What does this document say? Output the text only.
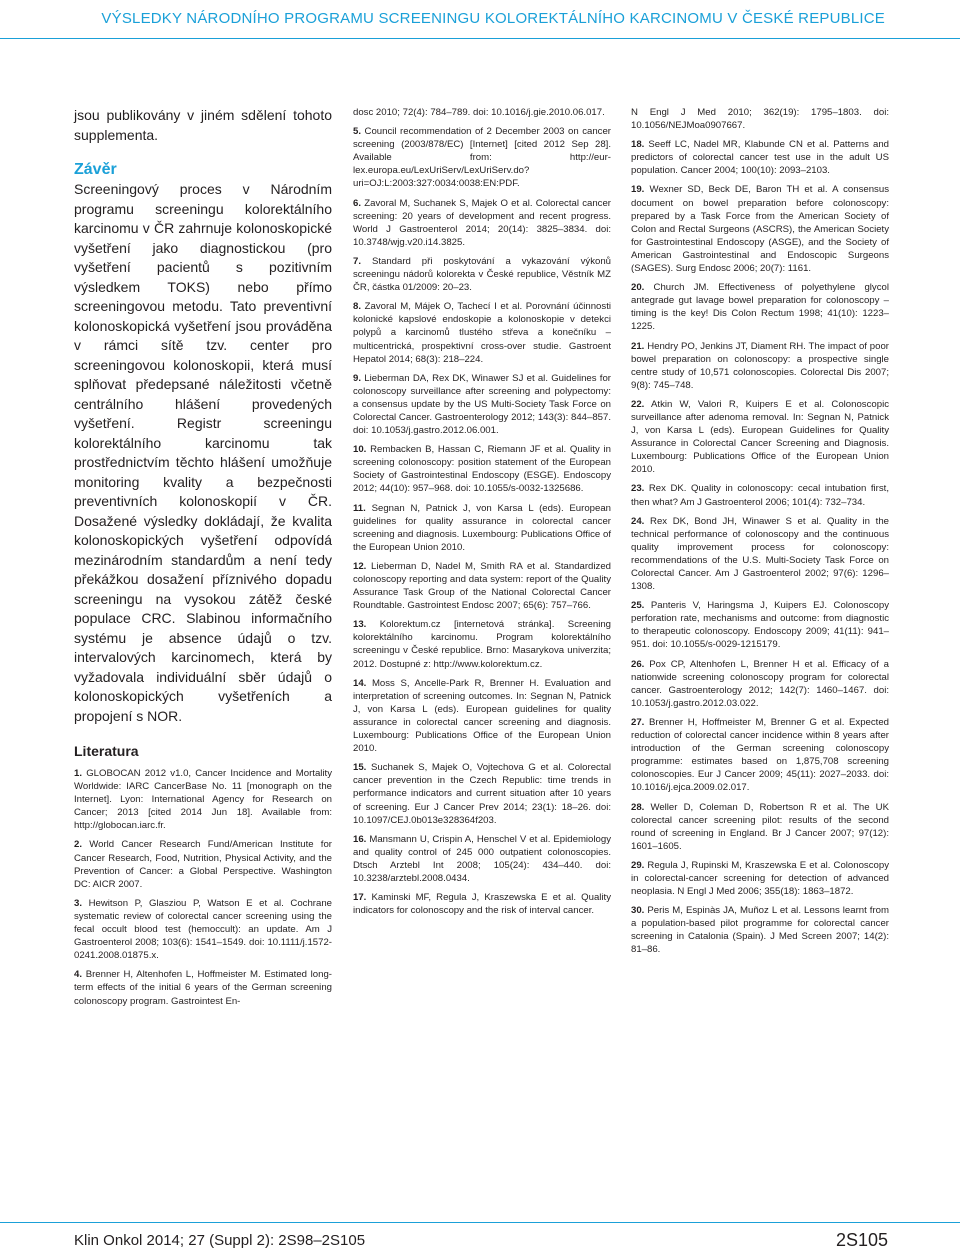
VÝSLEDKY NÁRODNÍHO PROGRAMU SCREENINGU KOLOREKTÁLNÍHO KARCINOMU V ČESKÉ REPUBLICE

jsou publikovány v jiném sdělení tohoto supplementa.

Závěr

Screeningový proces v Národním programu screeningu kolorektálního karcinomu v ČR zahrnuje kolonoskopické vyšetření jako diagnostickou (pro vyšetření pacientů s pozitivním výsledkem TOKS) nebo přímo screeningovou metodu. Tato preventivní kolonoskopická vyšetření jsou prováděna v rámci sítě tzv. center pro screeningovou kolonoskopii, která musí splňovat předepsané náležitosti včetně centrálního hlášení provedených vyšetření. Registr screeningu kolorektálního karcinomu tak prostřednictvím těchto hlášení umožňuje monitoring kvality a bezpečnosti preventivních kolonoskopií v ČR. Dosažené výsledky dokládají, že kvalita kolonoskopických vyšetření odpovídá mezinárodním standardům a není tedy překážkou dosažení příznivého dopadu screeningu na vysokou zátěž české populace CRC. Slabinou informačního systému je absence údajů o tzv. intervalových karcinomech, která by vyžadovala individuální sběr údajů o kolonoskopických vyšetřeních a propojení s NOR.

Literatura

1. GLOBOCAN 2012 v1.0, Cancer Incidence and Mortality Worldwide: IARC CancerBase No. 11 [monograph on the Internet]. Lyon: International Agency for Research on Cancer; 2013 [cited 2014 Jun 18]. Available from: http://globocan.iarc.fr.

2. World Cancer Research Fund/American Institute for Cancer Research, Food, Nutrition, Physical Activity, and the Prevention of Cancer: a Global Perspective. Washington DC: AICR 2007.

3. Hewitson P, Glasziou P, Watson E et al. Cochrane systematic review of colorectal cancer screening using the fecal occult blood test (hemoccult): an update. Am J Gastroenterol 2008; 103(6): 1541–1549. doi: 10.1111/j.1572-0241.2008.01875.x.

4. Brenner H, Altenhofen L, Hoffmeister M. Estimated long-term effects of the initial 6 years of the German screening colonoscopy program. Gastrointest En-

dosc 2010; 72(4): 784–789. doi: 10.1016/j.gie.2010.06.017.

5. Council recommendation of 2 December 2003 on cancer screening (2003/878/EC) [Internet] [cited 2012 Sep 28]. Available from: http://eur-lex.europa.eu/LexUriServ/LexUriServ.do?uri=OJ:L:2003:327:0034:0038:EN:PDF.

6. Zavoral M, Suchanek S, Majek O et al. Colorectal cancer screening: 20 years of development and recent progress. World J Gastroenterol 2014; 20(14): 3825–3834. doi: 10.3748/wjg.v20.i14.3825.

7. Standard při poskytování a vykazování výkonů screeningu nádorů kolorekta v České republice, Věstník MZ ČR, částka 01/2009: 20–23.

8. Zavoral M, Májek O, Tachecí I et al. Porovnání účinnosti kolonické kapslové endoskopie a kolonoskopie v detekci polypů a karcinomů tlustého střeva a konečníku – multicentrická, prospektivní cross-over studie. Gastroent Hepatol 2014; 68(3): 218–224.

9. Lieberman DA, Rex DK, Winawer SJ et al. Guidelines for colonoscopy surveillance after screening and polypectomy: a consensus update by the US Multi-Society Task Force on Colorectal Cancer. Gastroenterology 2012; 143(3): 844–857. doi: 10.1053/j.gastro.2012.06.001.

10. Rembacken B, Hassan C, Riemann JF et al. Quality in screening colonoscopy: position statement of the European Society of Gastrointestinal Endoscopy (ESGE). Endoscopy 2012; 44(10): 957–968. doi: 10.1055/s-0032-1325686.

11. Segnan N, Patnick J, von Karsa L (eds). European guidelines for quality assurance in colorectal cancer screening and diagnosis. Luxembourg: Publications Office of the European Union 2010.

12. Lieberman D, Nadel M, Smith RA et al. Standardized colonoscopy reporting and data system: report of the Quality Assurance Task Group of the National Colorectal Cancer Roundtable. Gastrointest Endosc 2007; 65(6): 757–766.

13. Kolorektum.cz [internetová stránka]. Screening kolorektálního karcinomu. Program kolorektálního screeningu v České republice. Brno: Masarykova univerzita; 2012. Dostupné z: http://www.kolorektum.cz.

14. Moss S, Ancelle-Park R, Brenner H. Evaluation and interpretation of screening outcomes. In: Segnan N, Patnick J, von Karsa L (eds). European guidelines for quality assurance in colorectal cancer screening and diagnosis. Luxembourg: Publications Office of the European Union 2010.

15. Suchanek S, Majek O, Vojtechova G et al. Colorectal cancer prevention in the Czech Republic: time trends in performance indicators and current situation after 10 years of screening. Eur J Cancer Prev 2014; 23(1): 18–26. doi: 10.1097/CEJ.0b013e328364f203.

16. Mansmann U, Crispin A, Henschel V et al. Epidemiology and quality control of 245 000 outpatient colonoscopies. Dtsch Arztebl Int 2008; 105(24): 434–440. doi: 10.3238/arztebl.2008.0434.

17. Kaminski MF, Regula J, Kraszewska E et al. Quality indicators for colonoscopy and the risk of interval cancer.

N Engl J Med 2010; 362(19): 1795–1803. doi: 10.1056/NEJMoa0907667.

18. Seeff LC, Nadel MR, Klabunde CN et al. Patterns and predictors of colorectal cancer test use in the adult US population. Cancer 2004; 100(10): 2093–2103.

19. Wexner SD, Beck DE, Baron TH et al. A consensus document on bowel preparation before colonoscopy: prepared by a Task Force from the American Society of Colon and Rectal Surgeons (ASCRS), the American Society for Gastrointestinal Endoscopy (ASGE), and the Society of American Gastrointestinal and Endoscopic Surgeons (SAGES). Surg Endosc 2006; 20(7): 1161.

20. Church JM. Effectiveness of polyethylene glycol antegrade gut lavage bowel preparation for colonoscopy – timing is the key! Dis Colon Rectum 1998; 41(10): 1223–1225.

21. Hendry PO, Jenkins JT, Diament RH. The impact of poor bowel preparation on colonoscopy: a prospective single centre study of 10,571 colonoscopies. Colorectal Dis 2007; 9(8): 745–748.

22. Atkin W, Valori R, Kuipers E et al. Colonoscopic surveillance after adenoma removal. In: Segnan N, Patnick J, von Karsa L (eds). European Guidelines for Quality Assurance in Colorectal Cancer Screening and Diagnosis. Luxembourg: Publications Office of the European Union 2010.

23. Rex DK. Quality in colonoscopy: cecal intubation first, then what? Am J Gastroenterol 2006; 101(4): 732–734.

24. Rex DK, Bond JH, Winawer S et al. Quality in the technical performance of colonoscopy and the continuous quality improvement process for colonoscopy: recommendations of the U.S. Multi-Society Task Force on Colorectal Cancer. Am J Gastroenterol 2002; 97(6): 1296–1308.

25. Panteris V, Haringsma J, Kuipers EJ. Colonoscopy perforation rate, mechanisms and outcome: from diagnostic to therapeutic colonoscopy. Endoscopy 2009; 41(11): 941–951. doi: 10.1055/s-0029-1215179.

26. Pox CP, Altenhofen L, Brenner H et al. Efficacy of a nationwide screening colonoscopy program for colorectal cancer. Gastroenterology 2012; 142(7): 1460–1467. doi: 10.1053/j.gastro.2012.03.022.

27. Brenner H, Hoffmeister M, Brenner G et al. Expected reduction of colorectal cancer incidence within 8 years after introduction of the German screening colonoscopy programme: estimates based on 1,875,708 screening colonoscopies. Eur J Cancer 2009; 45(11): 2027–2033. doi: 10.1016/j.ejca.2009.02.017.

28. Weller D, Coleman D, Robertson R et al. The UK colorectal cancer screening pilot: results of the second round of screening in England. Br J Cancer 2007; 97(12): 1601–1605.

29. Regula J, Rupinski M, Kraszewska E et al. Colonoscopy in colorectal-cancer screening for detection of advanced neoplasia. N Engl J Med 2006; 355(18): 1863–1872.

30. Peris M, Espinàs JA, Muñoz L et al. Lessons learnt from a population-based pilot programme for colorectal cancer screening in Catalonia (Spain). J Med Screen 2007; 14(2): 81–86.

Klin Onkol 2014; 27 (Suppl 2): 2S98–2S105	2S105
